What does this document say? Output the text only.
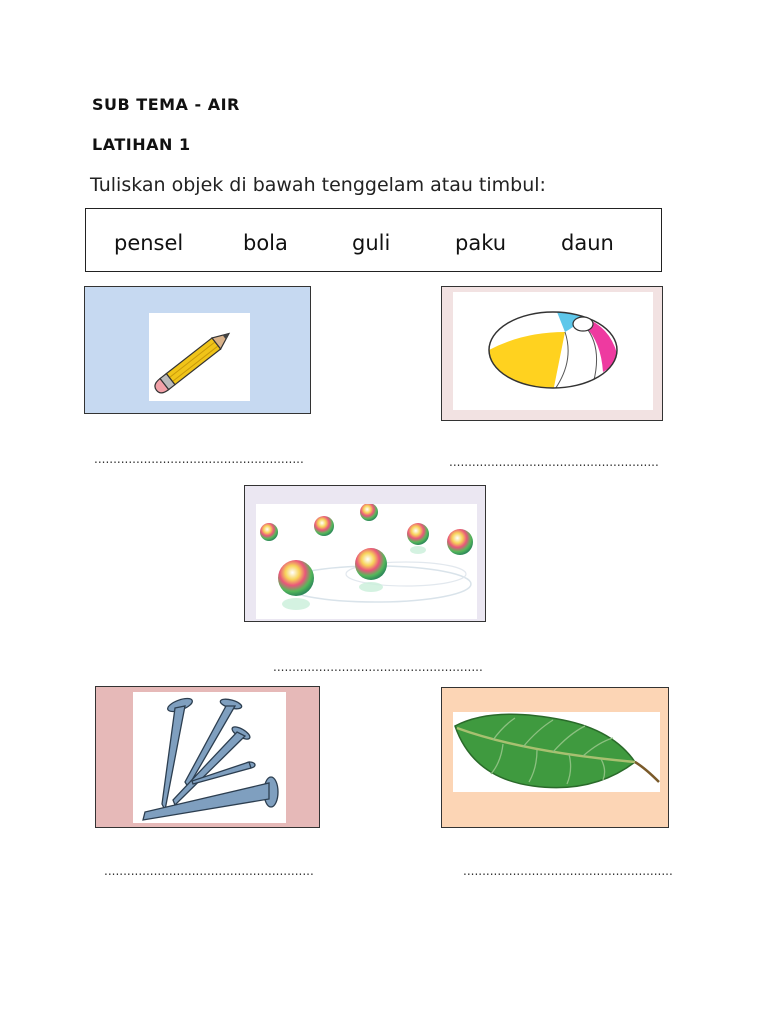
SUB TEMA - AIR
LATIHAN 1
Tuliskan objek di bawah tenggelam atau timbul:
pensel	bola	guli	paku	daun
.......................................................	.......................................................
.......................................................
.......................................................	.......................................................
